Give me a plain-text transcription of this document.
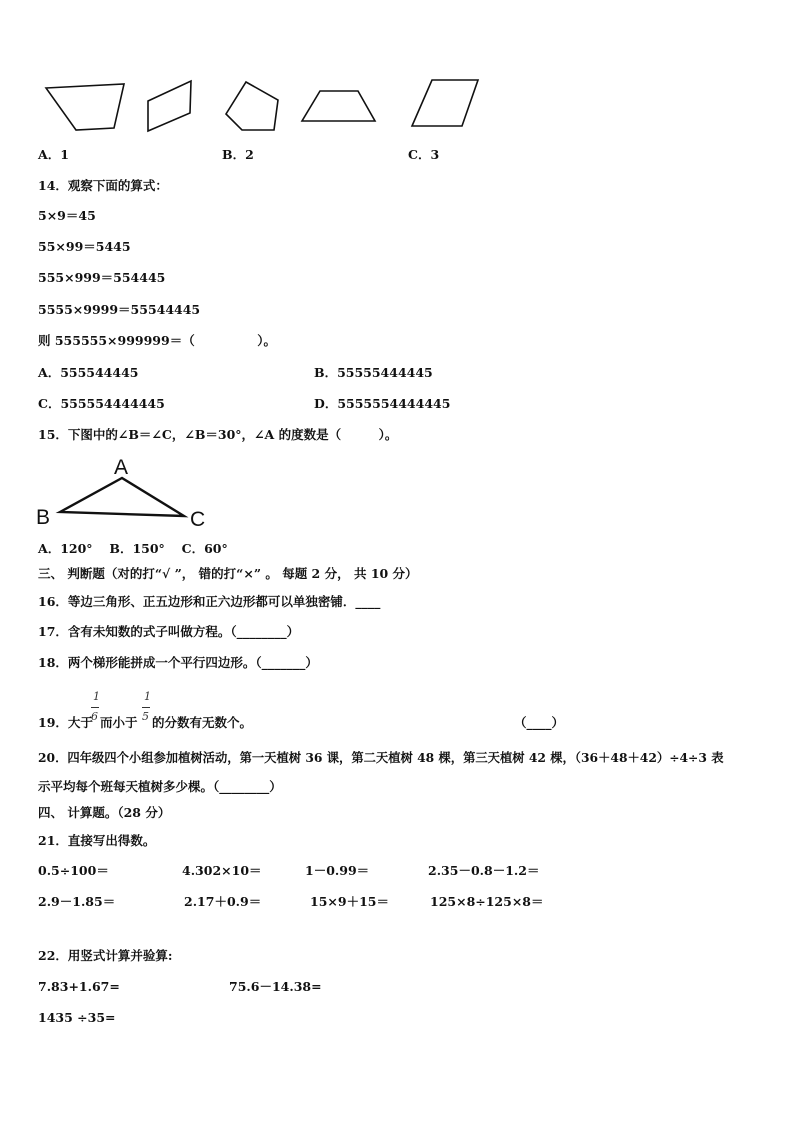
A．1	B．2	C．3
14．观察下面的算式：
5×9＝45
55×99＝5445
555×999＝554445
5555×9999＝55544445
则 555555×999999＝（　　　　　）。
A．555544445	B．55555444445
C．555554444445	D．5555554444445
15．下图中的∠B＝∠C，∠B＝30°，∠A 的度数是（　　　）。
A
B	C
A．120°　 B．150°　 C．60°
三、 判断题（对的打“√ ”， 错的打“×” 。 每题 2 分， 共 10 分）
16．等边三角形、正五边形和正六边形都可以单独密铺．____
17．含有未知数的式子叫做方程。（________）
18．两个梯形能拼成一个平行四边形。（_______）
19．大于
1
6 而小于
1
5 的分数有无数个。	（____）
20．四年级四个小组参加植树活动，第一天植树 36 课，第二天植树 48 棵，第三天植树 42 棵，（36＋48＋42）÷4÷3 表
示平均每个班每天植树多少棵。（________）
四、 计算题。（28 分）
21．直接写出得数。
0.5÷100＝	4.302×10＝	1－0.99＝	2.35－0.8－1.2＝
2.9－1.85＝	2.17＋0.9＝	15×9＋15＝	125×8÷125×8＝
22．用竖式计算并验算:
7.83+1.67=	75.6－14.38=
1435 ÷35=
